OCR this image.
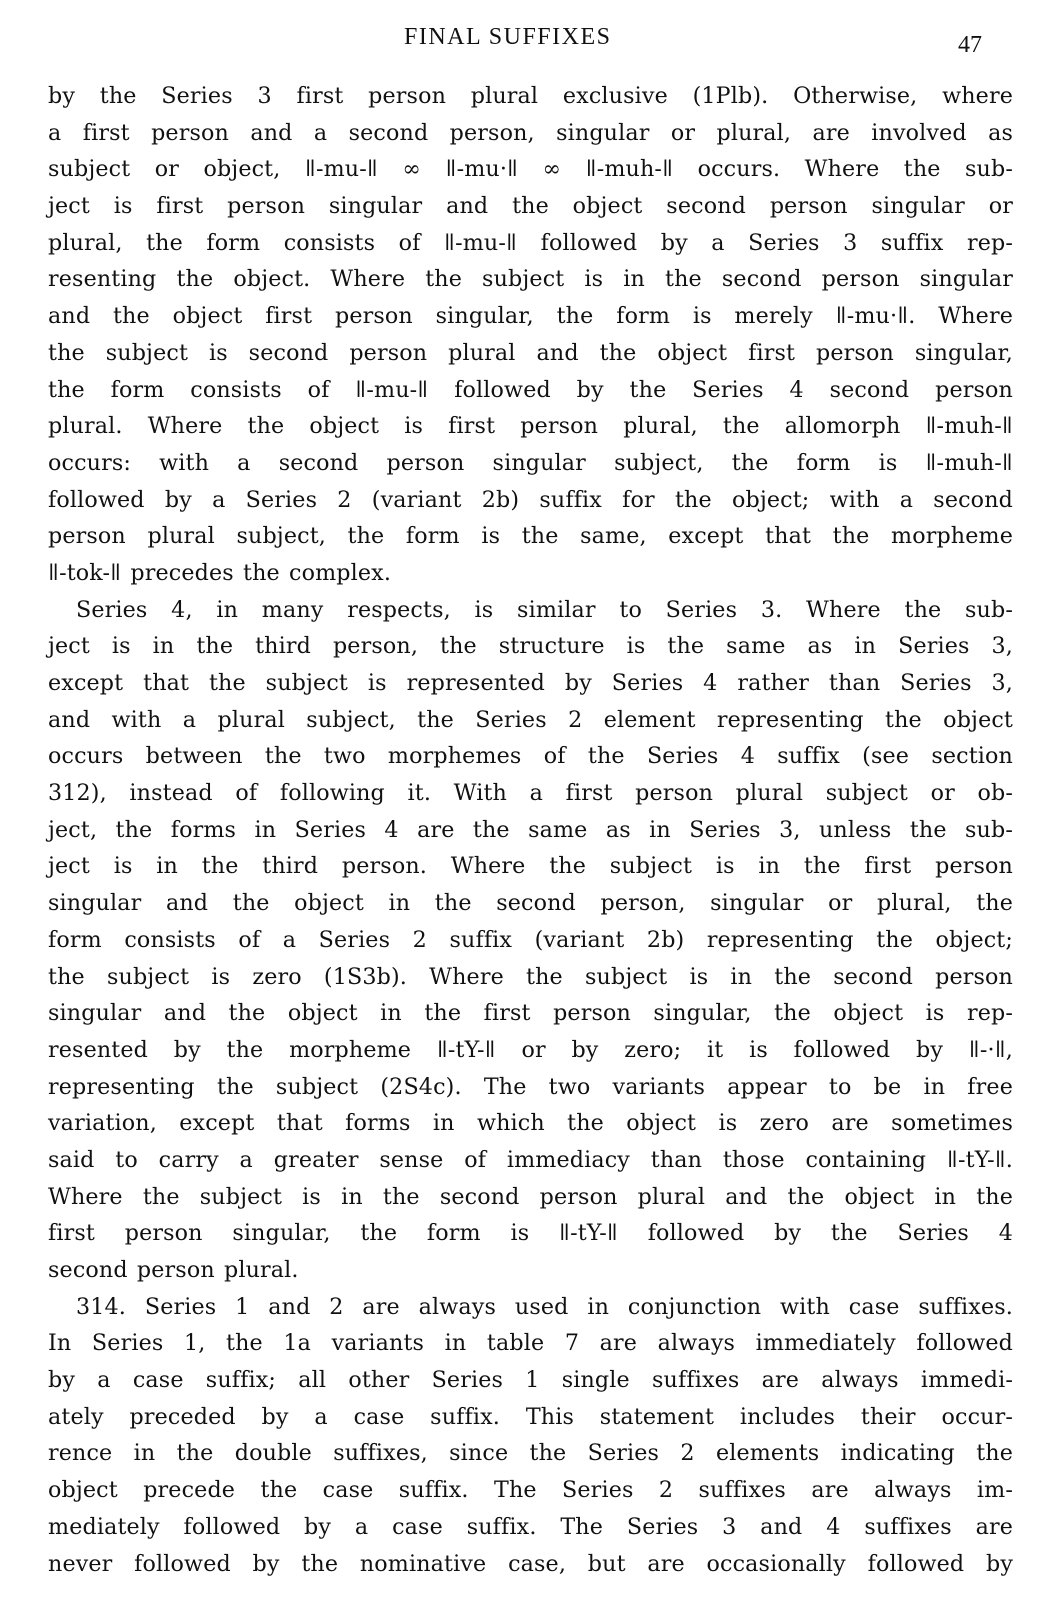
FINAL SUFFIXES	47
by the Series 3 first person plural exclusive (1Plb). Otherwise, where
a first person and a second person, singular or plural, are involved as
subject or object, ǁ-mu-ǁ ∞ ǁ-mu·ǁ ∞ ǁ-muh-ǁ occurs. Where the sub-
ject is first person singular and the object second person singular or
plural, the form consists of ǁ-mu-ǁ followed by a Series 3 suffix rep-
resenting the object. Where the subject is in the second person singular
and the object first person singular, the form is merely ǁ-mu·ǁ. Where
the subject is second person plural and the object first person singular,
the form consists of ǁ-mu-ǁ followed by the Series 4 second person
plural. Where the object is first person plural, the allomorph ǁ-muh-ǁ
occurs: with a second person singular subject, the form is ǁ-muh-ǁ
followed by a Series 2 (variant 2b) suffix for the object; with a second
person plural subject, the form is the same, except that the morpheme
ǁ-tok-ǁ precedes the complex.
Series 4, in many respects, is similar to Series 3. Where the sub-
ject is in the third person, the structure is the same as in Series 3,
except that the subject is represented by Series 4 rather than Series 3,
and with a plural subject, the Series 2 element representing the object
occurs between the two morphemes of the Series 4 suffix (see section
312), instead of following it. With a first person plural subject or ob-
ject, the forms in Series 4 are the same as in Series 3, unless the sub-
ject is in the third person. Where the subject is in the first person
singular and the object in the second person, singular or plural, the
form consists of a Series 2 suffix (variant 2b) representing the object;
the subject is zero (1S3b). Where the subject is in the second person
singular and the object in the first person singular, the object is rep-
resented by the morpheme ǁ-tY-ǁ or by zero; it is followed by ǁ-·ǁ,
representing the subject (2S4c). The two variants appear to be in free
variation, except that forms in which the object is zero are sometimes
said to carry a greater sense of immediacy than those containing ǁ-tY-ǁ.
Where the subject is in the second person plural and the object in the
first person singular, the form is ǁ-tY-ǁ followed by the Series 4
second person plural.
314. Series 1 and 2 are always used in conjunction with case suffixes.
In Series 1, the 1a variants in table 7 are always immediately followed
by a case suffix; all other Series 1 single suffixes are always immedi-
ately preceded by a case suffix. This statement includes their occur-
rence in the double suffixes, since the Series 2 elements indicating the
object precede the case suffix. The Series 2 suffixes are always im-
mediately followed by a case suffix. The Series 3 and 4 suffixes are
never followed by the nominative case, but are occasionally followed by
